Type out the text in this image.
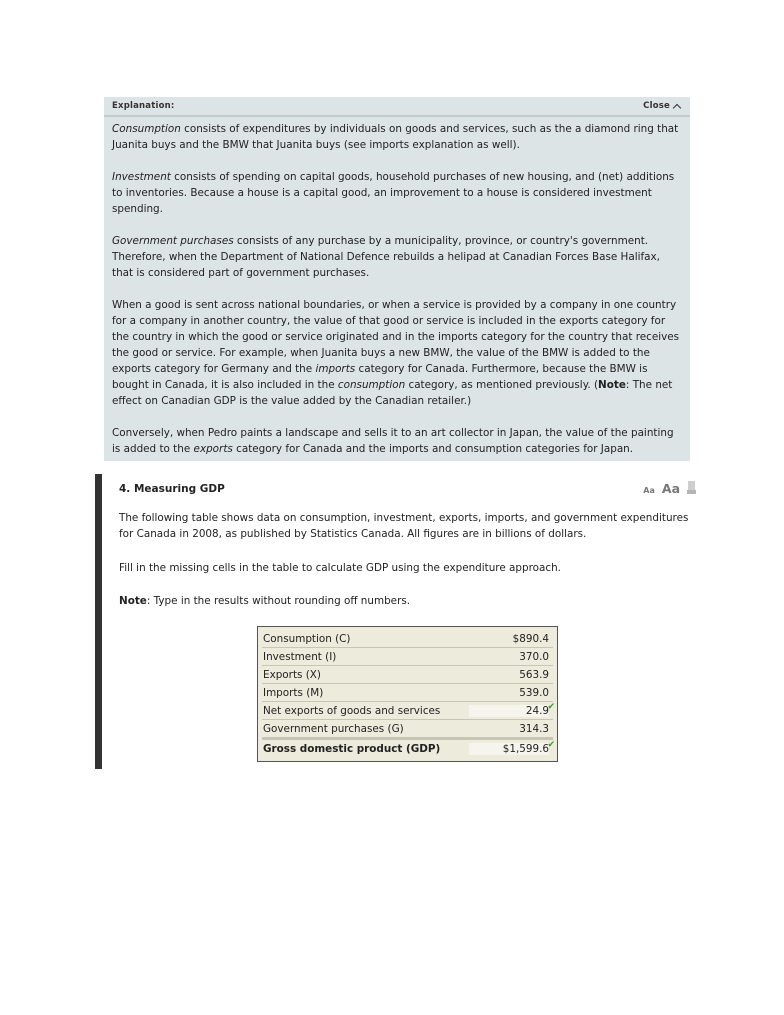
Explanation:	Close

Consumption consists of expenditures by individuals on goods and services, such as the a diamond ring that Juanita buys and the BMW that Juanita buys (see imports explanation as well).

Investment consists of spending on capital goods, household purchases of new housing, and (net) additions to inventories. Because a house is a capital good, an improvement to a house is considered investment spending.

Government purchases consists of any purchase by a municipality, province, or country's government. Therefore, when the Department of National Defence rebuilds a helipad at Canadian Forces Base Halifax, that is considered part of government purchases.

When a good is sent across national boundaries, or when a service is provided by a company in one country for a company in another country, the value of that good or service is included in the exports category for the country in which the good or service originated and in the imports category for the country that receives the good or service. For example, when Juanita buys a new BMW, the value of the BMW is added to the exports category for Germany and the imports category for Canada. Furthermore, because the BMW is bought in Canada, it is also included in the consumption category, as mentioned previously. (Note: The net effect on Canadian GDP is the value added by the Canadian retailer.)

Conversely, when Pedro paints a landscape and sells it to an art collector in Japan, the value of the painting is added to the exports category for Canada and the imports and consumption categories for Japan.

4. Measuring GDP	Aa Aa
The following table shows data on consumption, investment, exports, imports, and government expenditures for Canada in 2008, as published by Statistics Canada. All figures are in billions of dollars.
Fill in the missing cells in the table to calculate GDP using the expenditure approach.
Note: Type in the results without rounding off numbers.
Consumption (C)	$890.4
Investment (I)	370.0
Exports (X)	563.9
Imports (M)	539.0
Net exports of goods and services	24.9
✔
Government purchases (G)	314.3
Gross domestic product (GDP)	$1,599.6
✔
